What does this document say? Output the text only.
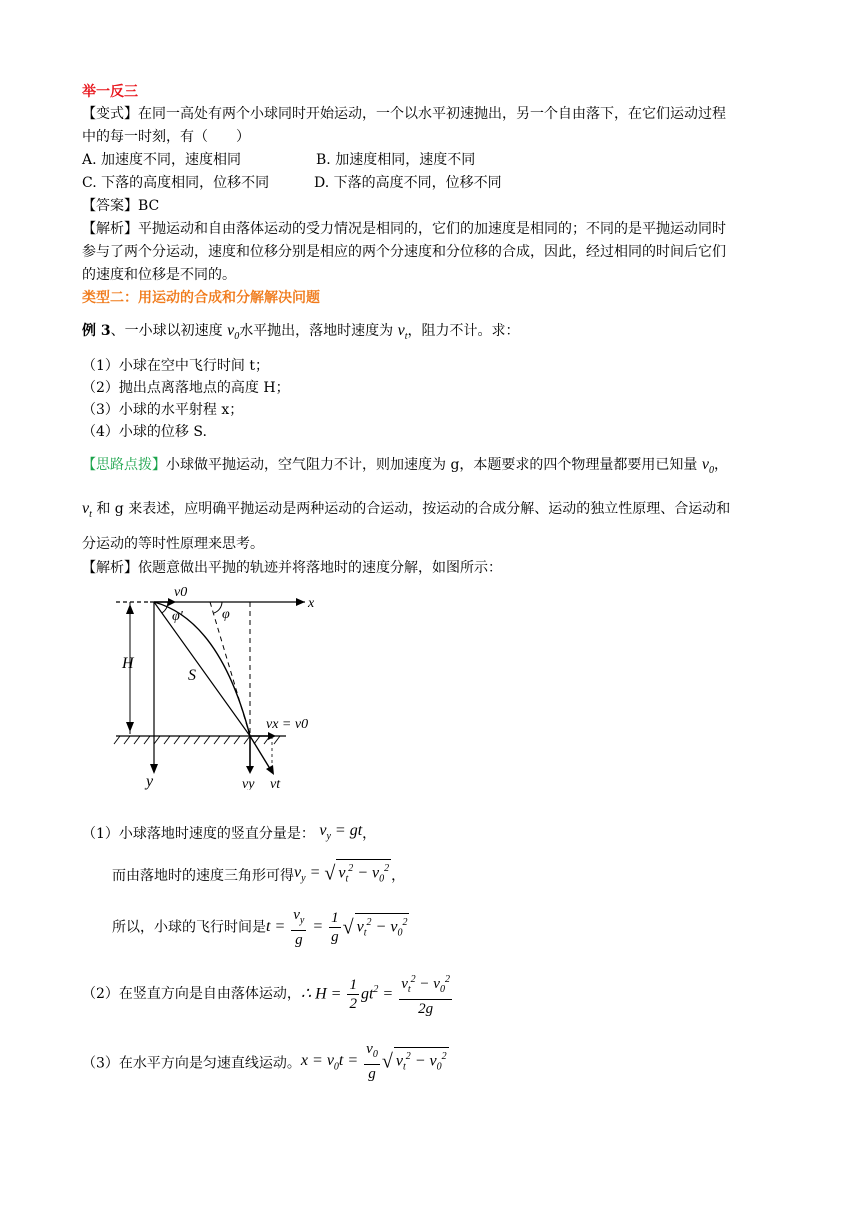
举一反三
【变式】在同一高处有两个小球同时开始运动，一个以水平初速抛出，另一个自由落下，在它们运动过程
中的每一时刻，有（　　）
A. 加速度不同，速度相同	B. 加速度相同，速度不同
C. 下落的高度相同，位移不同	D. 下落的高度不同，位移不同
【答案】BC
【解析】平抛运动和自由落体运动的受力情况是相同的，它们的加速度是相同的；不同的是平抛运动同时
参与了两个分运动，速度和位移分别是相应的两个分速度和分位移的合成，因此，经过相同的时间后它们
的速度和位移是不同的。
类型二：用运动的合成和分解解决问题
例 3、一小球以初速度 $v_0$水平抛出，落地时速度为 $v_t$，阻力不计。求：
（1）小球在空中飞行时间 t；
（2）抛出点离落地点的高度 H；
（3）小球的水平射程 x；
（4）小球的位移 S.
【思路点拨】小球做平抛运动，空气阻力不计，则加速度为 g，本题要求的四个物理量都要用已知量 $v_0$，
$v_t$ 和 g 来表述，应明确平抛运动是两种运动的合运动，按运动的合成分解、运动的独立性原理、合运动和
分运动的等时性原理来思考。
【解析】依题意做出平抛的轨迹并将落地时的速度分解，如图所示：
x
y
H
S
φ'	φ
v0
vx = v0
vy vt
（1）小球落地时速度的竖直分量是： $v_y$ = gt，
而由落地时的速度三角形可得$v_y$ = √ $v_t^2 - v_0^2$ ，
所以，小球的飞行时间是$t = \frac{v_y}{g} = \frac{1}{g}$ √ $v_t^2 - v_0^2$
（2）在竖直方向是自由落体运动，∴ $H = \frac{1}{2} gt^2 = \frac{v_t^2 - v_0^2}{2g}$
（3）在水平方向是匀速直线运动。$x = v_0t = \frac{v_0}{g}$ √ $v_t^2 - v_0^2$
